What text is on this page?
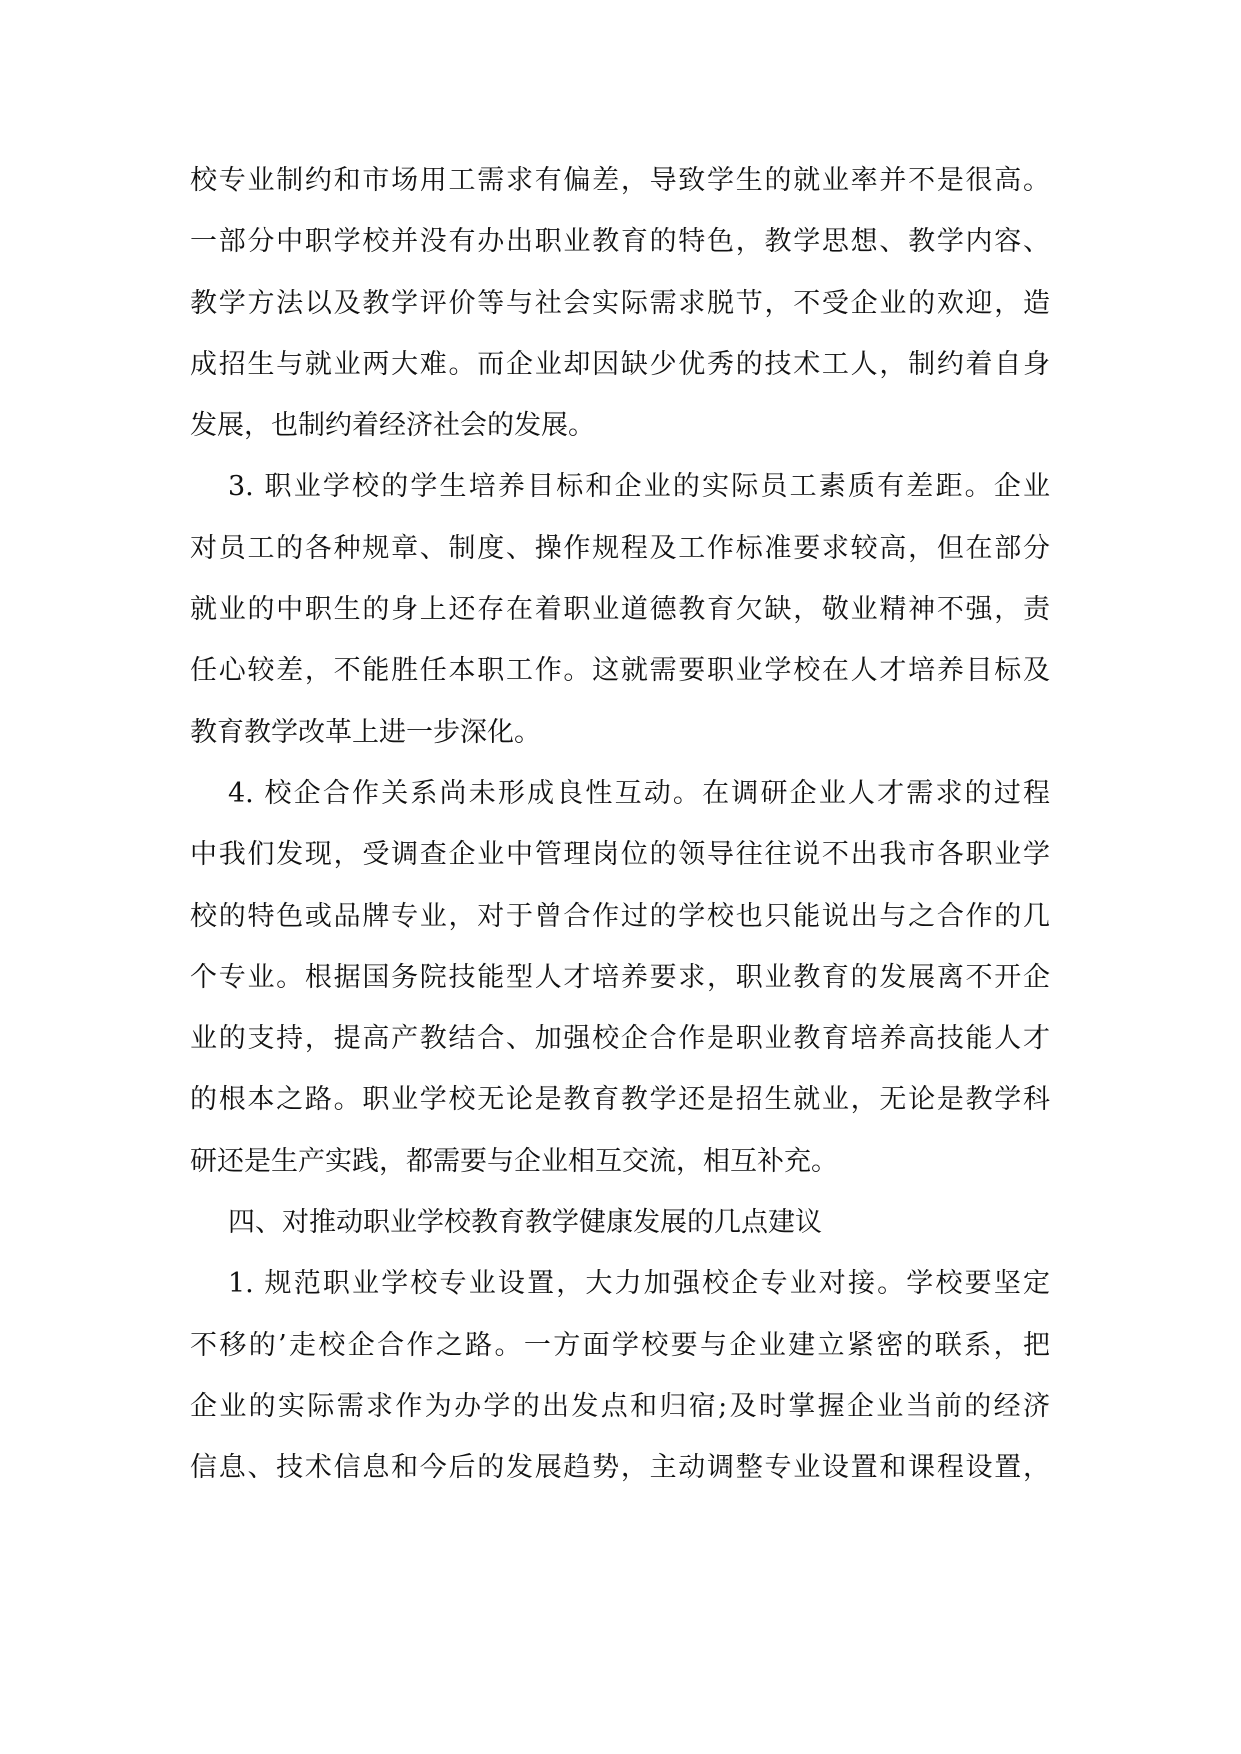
校专业制约和市场用工需求有偏差，导致学生的就业率并不是很高。
一部分中职学校并没有办出职业教育的特色，教学思想、教学内容、
教学方法以及教学评价等与社会实际需求脱节，不受企业的欢迎，造
成招生与就业两大难。而企业却因缺少优秀的技术工人，制约着自身
发展，也制约着经济社会的发展。
3. 职业学校的学生培养目标和企业的实际员工素质有差距。企业
对员工的各种规章、制度、操作规程及工作标准要求较高，但在部分
就业的中职生的身上还存在着职业道德教育欠缺，敬业精神不强，责
任心较差，不能胜任本职工作。这就需要职业学校在人才培养目标及
教育教学改革上进一步深化。
4. 校企合作关系尚未形成良性互动。在调研企业人才需求的过程
中我们发现，受调查企业中管理岗位的领导往往说不出我市各职业学
校的特色或品牌专业，对于曾合作过的学校也只能说出与之合作的几
个专业。根据国务院技能型人才培养要求，职业教育的发展离不开企
业的支持，提高产教结合、加强校企合作是职业教育培养高技能人才
的根本之路。职业学校无论是教育教学还是招生就业，无论是教学科
研还是生产实践，都需要与企业相互交流，相互补充。
四、对推动职业学校教育教学健康发展的几点建议
1. 规范职业学校专业设置，大力加强校企专业对接。学校要坚定
不移的’走校企合作之路。一方面学校要与企业建立紧密的联系，把
企业的实际需求作为办学的出发点和归宿;及时掌握企业当前的经济
信息、技术信息和今后的发展趋势，主动调整专业设置和课程设置，
